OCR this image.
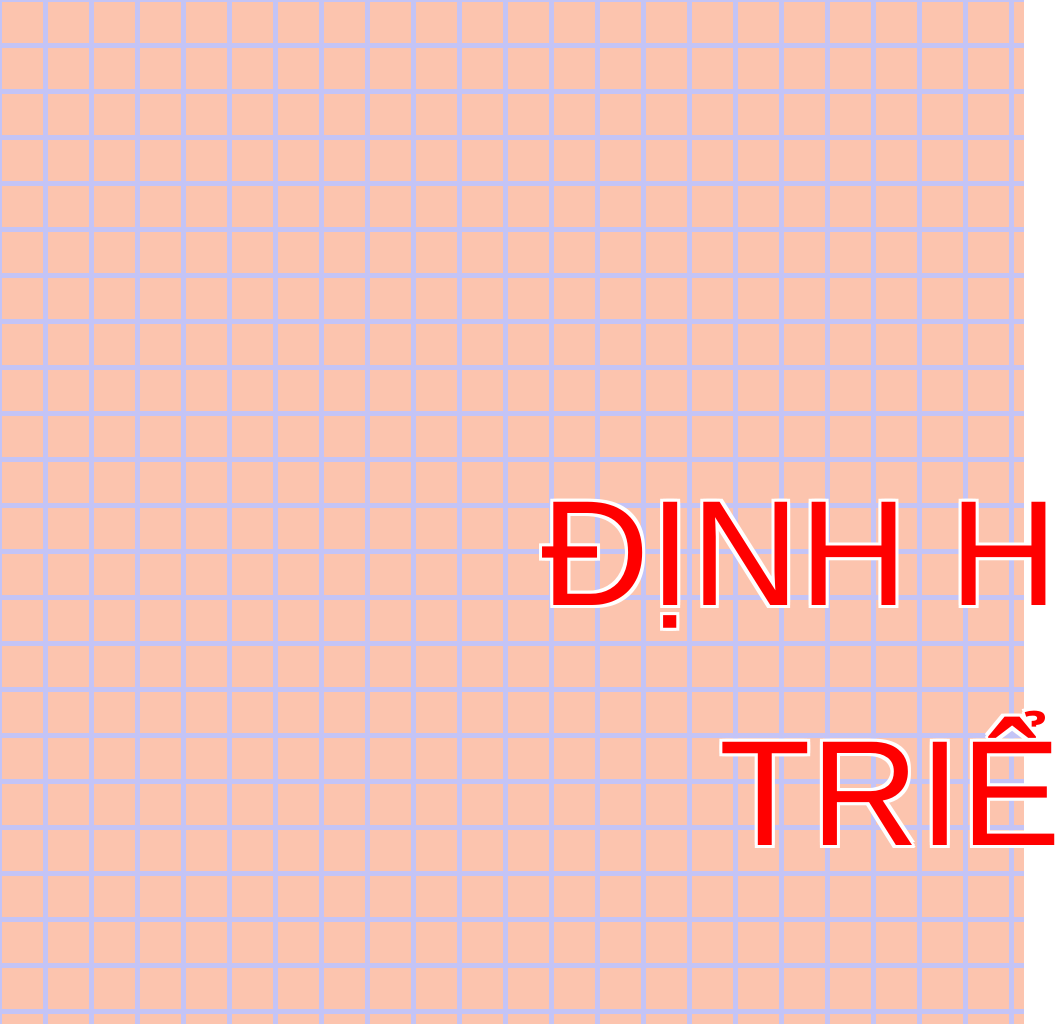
ĐỊNH H
TRIỂ
